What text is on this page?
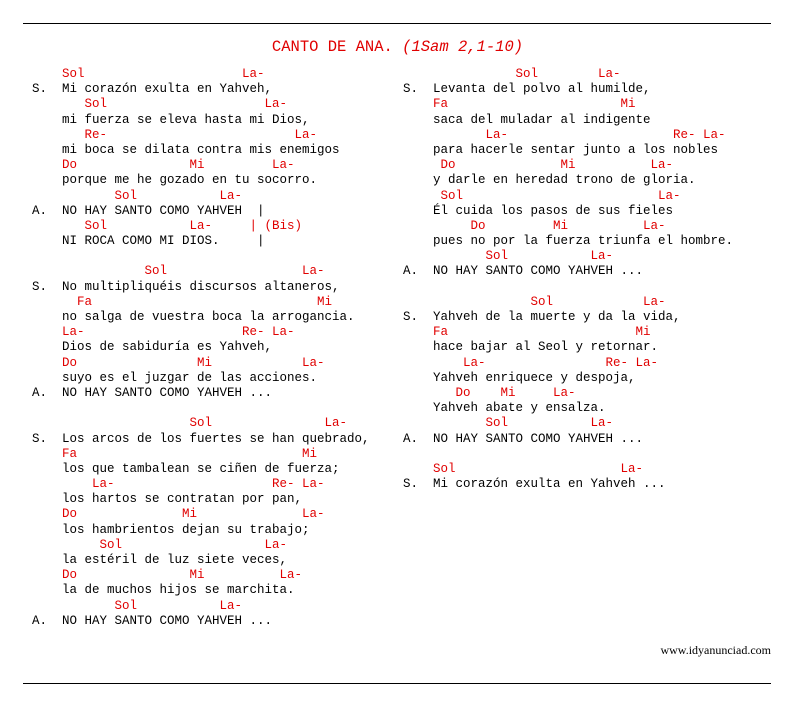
CANTO DE ANA. (1Sam 2,1-10)
Sol                     La-
S.  Mi corazón exulta en Yahveh,
Sol                     La-
mi fuerza se eleva hasta mi Dios,
Re-                         La-
mi boca se dilata contra mis enemigos
Do               Mi         La-
porque me he gozado en tu socorro.
Sol           La-
A.  NO HAY SANTO COMO YAHVEH  |
Sol           La-     | (Bis)
NI ROCA COMO MI DIOS.     |
Sol                  La-
S.  No multipliquéis discursos altaneros,
Fa                              Mi
no salga de vuestra boca la arrogancia.
La-                     Re- La-
Dios de sabiduría es Yahveh,
Do                Mi            La-
suyo es el juzgar de las acciones.
A.  NO HAY SANTO COMO YAHVEH ...
Sol               La-
S.  Los arcos de los fuertes se han quebrado,
Fa                              Mi
los que tambalean se ciñen de fuerza;
La-                     Re- La-
los hartos se contratan por pan,
Do              Mi              La-
los hambrientos dejan su trabajo;
Sol                   La-
la estéril de luz siete veces,
Do               Mi          La-
la de muchos hijos se marchita.
Sol           La-
A.  NO HAY SANTO COMO YAHVEH ...
Sol        La-
S.  Levanta del polvo al humilde,
Fa                       Mi
saca del muladar al indigente
La-                      Re- La-
para hacerle sentar junto a los nobles
Do              Mi          La-
y darle en heredad trono de gloria.
Sol                          La-
Él cuida los pasos de sus fieles
Do         Mi          La-
pues no por la fuerza triunfa el hombre.
Sol           La-
A.  NO HAY SANTO COMO YAHVEH ...
Sol            La-
S.  Yahveh de la muerte y da la vida,
Fa                         Mi
hace bajar al Seol y retornar.
La-                Re- La-
Yahveh enriquece y despoja,
Do    Mi     La-
Yahveh abate y ensalza.
Sol           La-
A.  NO HAY SANTO COMO YAHVEH ...
Sol                      La-
S.  Mi corazón exulta en Yahveh ...
www.idyanunciad.com
